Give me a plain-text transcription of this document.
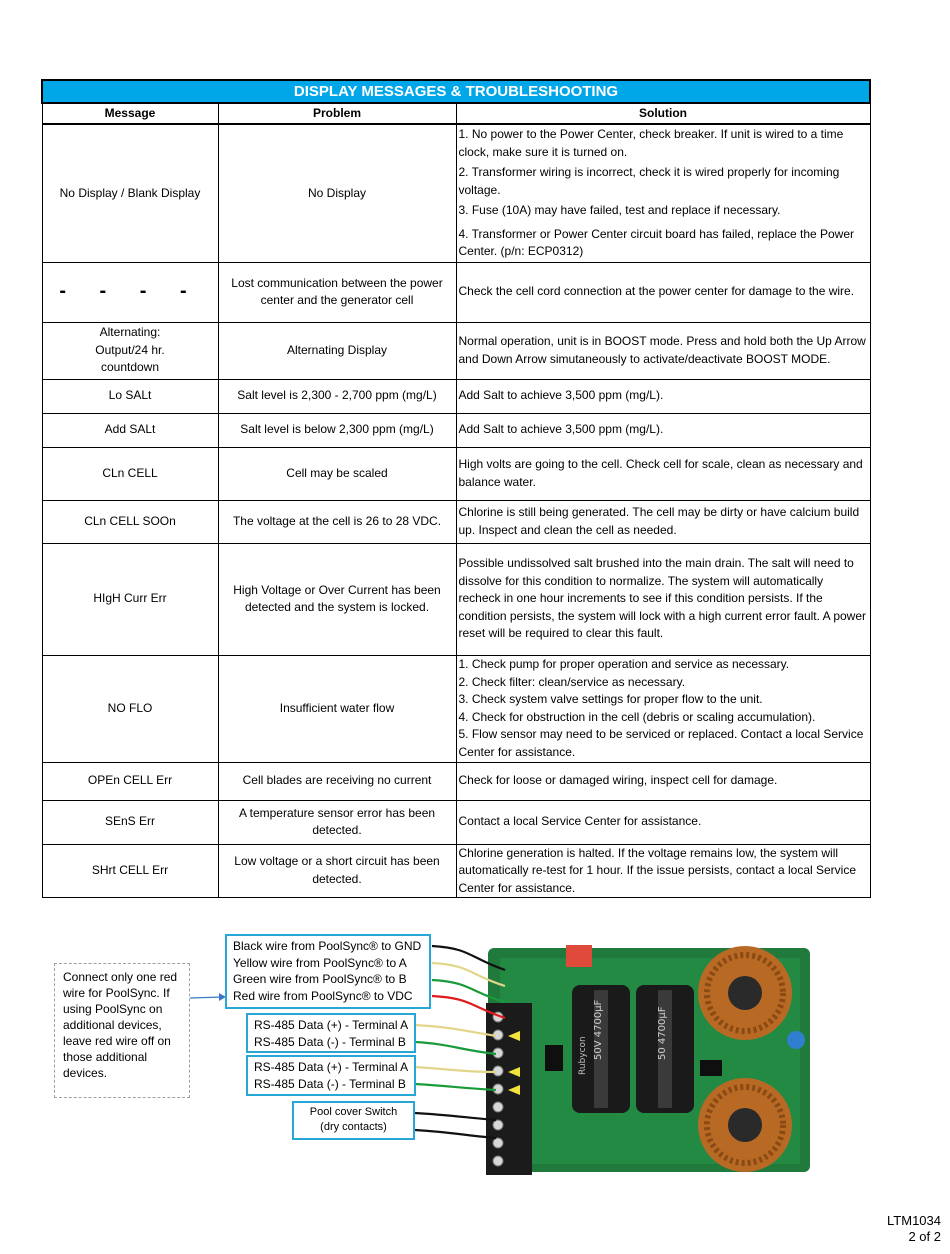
DISPLAY MESSAGES & TROUBLESHOOTING		
Message	Problem	Solution
No Display / Blank Display	No Display	1. No power to the Power Center, check breaker. If unit is wired to a time clock, make sure it is turned on.
2. Transformer wiring is incorrect, check it is wired properly for incoming voltage.
3. Fuse (10A) may have failed, test and replace if necessary.
4. Transformer or Power Center circuit board has failed, replace the Power Center. (p/n: ECP0312)

- - - -	Lost communication between the power center and the generator cell	Check the cell cord connection at the power center for damage to the wire.
Alternating: Output/24 hr. countdown	Alternating Display	Normal operation, unit is in BOOST mode. Press and hold both the Up Arrow and Down Arrow simutaneously to activate/deactivate BOOST MODE.
Lo SALt	Salt level is 2,300 - 2,700 ppm (mg/L)	Add Salt to achieve 3,500 ppm (mg/L).
Add SALt	Salt level is below 2,300 ppm (mg/L)	Add Salt to achieve 3,500 ppm (mg/L).
CLn CELL	Cell may be scaled	High volts are going to the cell. Check cell for scale, clean as necessary and balance water.
CLn CELL SOOn	The voltage at the cell is 26 to 28 VDC.	Chlorine is still being generated. The cell may be dirty or have calcium build up. Inspect and clean the cell as needed.
HIgH Curr Err	High Voltage or Over Current has been detected and the system is locked.	Possible undissolved salt brushed into the main drain. The salt will need to dissolve for this condition to normalize. The system will automatically recheck in one hour increments to see if this condition persists. If the condition persists, the system will lock with a high current error fault. A power reset will be required to clear this fault.
NO FLO	Insufficient water flow	1. Check pump for proper operation and service as necessary.
2. Check filter: clean/service as necessary.
3. Check system valve settings for proper flow to the unit.
4. Check for obstruction in the cell (debris or scaling accumulation).
5. Flow sensor may need to be serviced or replaced. Contact a local Service Center for assistance.

OPEn CELL Err	Cell blades are receiving no current	Check for loose or damaged wiring, inspect cell for damage.
SEnS Err	A temperature sensor error has been detected.	Contact a local Service Center for assistance.
SHrt CELL Err	Low voltage or a short circuit has been detected.	Chlorine generation is halted. If the voltage remains low, the system will automatically re-test for 1 hour. If the issue persists, contact a local Service Center for assistance.
50V 4700µF	50 4700µF
Rubycon
Connect only one red wire for PoolSync. If using PoolSync on additional devices, leave red wire off on those additional devices.
Black wire from PoolSync® to GND
Yellow wire from PoolSync® to A
Green wire from PoolSync® to B
Red wire from PoolSync® to VDC
RS-485 Data (+) - Terminal A
RS-485 Data (-) - Terminal B
RS-485 Data (+) - Terminal A
RS-485 Data (-) - Terminal B
Pool cover Switch
(dry contacts)
LTM1034
2 of 2
